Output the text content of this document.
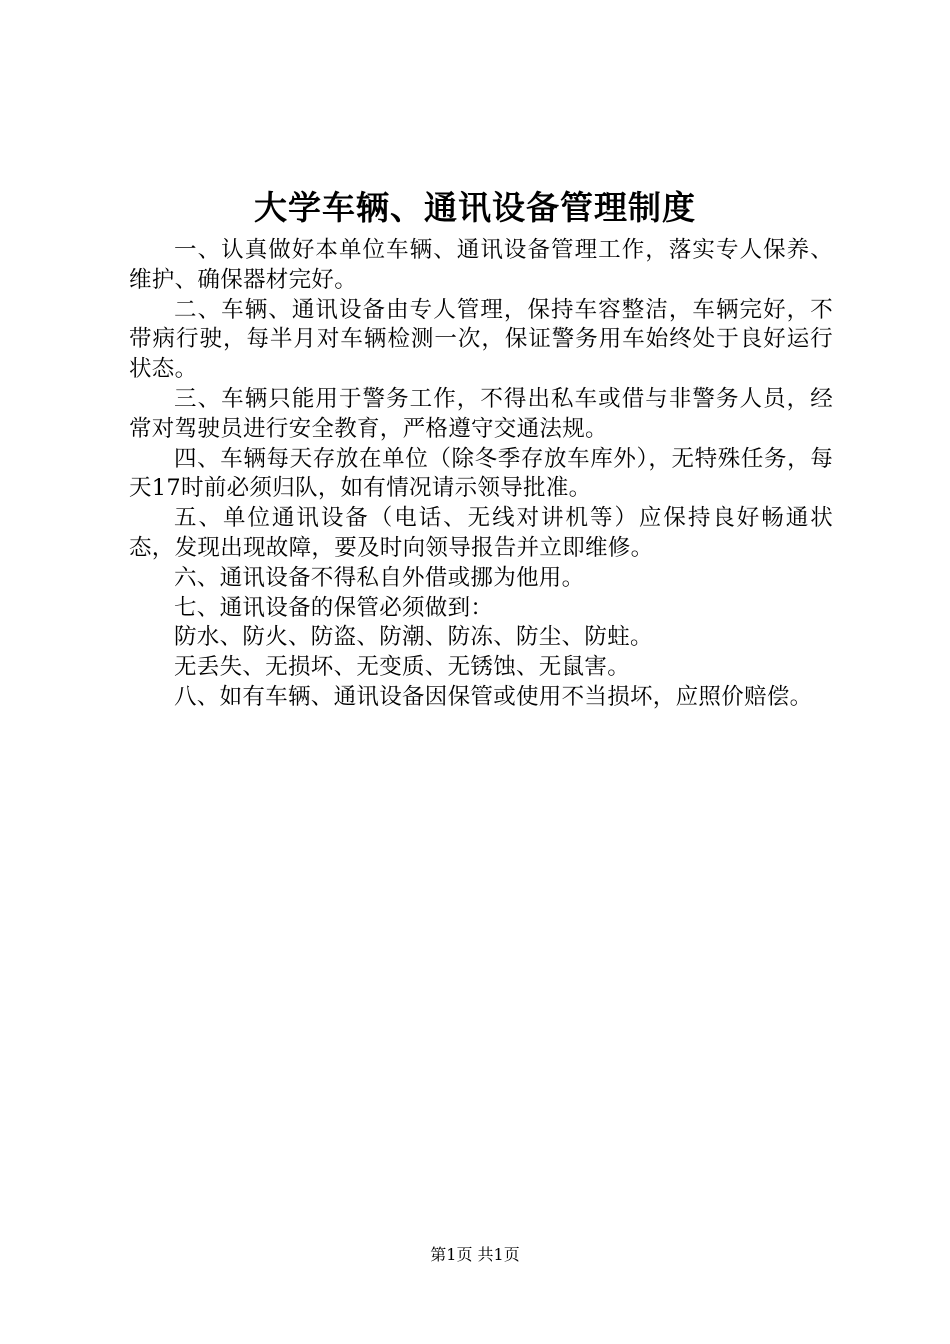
大学车辆、通讯设备管理制度

一、认真做好本单位车辆、通讯设备管理工作，落实专人保养、维护、确保器材完好。

二、车辆、通讯设备由专人管理，保持车容整洁，车辆完好，不带病行驶，每半月对车辆检测一次，保证警务用车始终处于良好运行状态。

三、车辆只能用于警务工作，不得出私车或借与非警务人员，经常对驾驶员进行安全教育，严格遵守交通法规。

四、车辆每天存放在单位（除冬季存放车库外），无特殊任务，每天17时前必须归队，如有情况请示领导批准。

五、单位通讯设备（电话、无线对讲机等）应保持良好畅通状态，发现出现故障，要及时向领导报告并立即维修。

六、通讯设备不得私自外借或挪为他用。

七、通讯设备的保管必须做到：

防水、防火、防盗、防潮、防冻、防尘、防蛀。

无丢失、无损坏、无变质、无锈蚀、无鼠害。

八、如有车辆、通讯设备因保管或使用不当损坏，应照价赔偿。

第1页 共1页
